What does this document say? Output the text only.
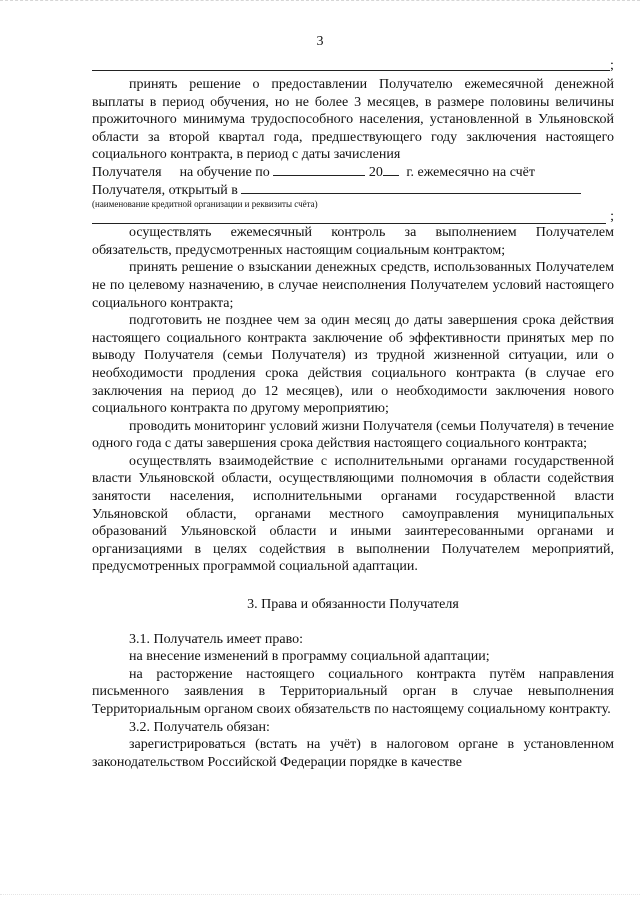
3
;

принять решение о предоставлении Получателю ежемесячной денежной выплаты в период обучения, но не более 3 месяцев, в размере половины величины прожиточного минимума трудоспособного населения, установленной в Ульяновской области за второй квартал года, предшествующего году заключения настоящего социального контракта, в период с даты зачисления

Получателя на обучение по	20 г. ежемесячно на счёт

Получателя, открытый в

(наименование кредитной организации и реквизиты счёта)

;

осуществлять ежемесячный контроль за выполнением Получателем обязательств, предусмотренных настоящим социальным контрактом;

принять решение о взыскании денежных средств, использованных Получателем не по целевому назначению, в случае неисполнения Получателем условий настоящего социального контракта;

подготовить не позднее чем за один месяц до даты завершения срока действия настоящего социального контракта заключение об эффективности принятых мер по выводу Получателя (семьи Получателя) из трудной жизненной ситуации, или о необходимости продления срока действия социального контракта (в случае его заключения на период до 12 месяцев), или о необходимости заключения нового социального контракта по другому мероприятию;

проводить мониторинг условий жизни Получателя (семьи Получателя) в течение одного года с даты завершения срока действия настоящего социального контракта;

осуществлять взаимодействие с исполнительными органами государственной власти Ульяновской области, осуществляющими полномочия в области содействия занятости населения, исполнительными органами государственной власти Ульяновской области, органами местного самоуправления муниципальных образований Ульяновской области и иными заинтересованными органами и организациями в целях содействия в выполнении Получателем мероприятий, предусмотренных программой социальной адаптации.

3. Права и обязанности Получателя

3.1. Получатель имеет право:

на внесение изменений в программу социальной адаптации;

на расторжение настоящего социального контракта путём направления письменного заявления в Территориальный орган в случае невыполнения Территориальным органом своих обязательств по настоящему социальному контракту.

3.2. Получатель обязан:

зарегистрироваться (встать на учёт) в налоговом органе в установленном законодательством Российской Федерации порядке в качестве
